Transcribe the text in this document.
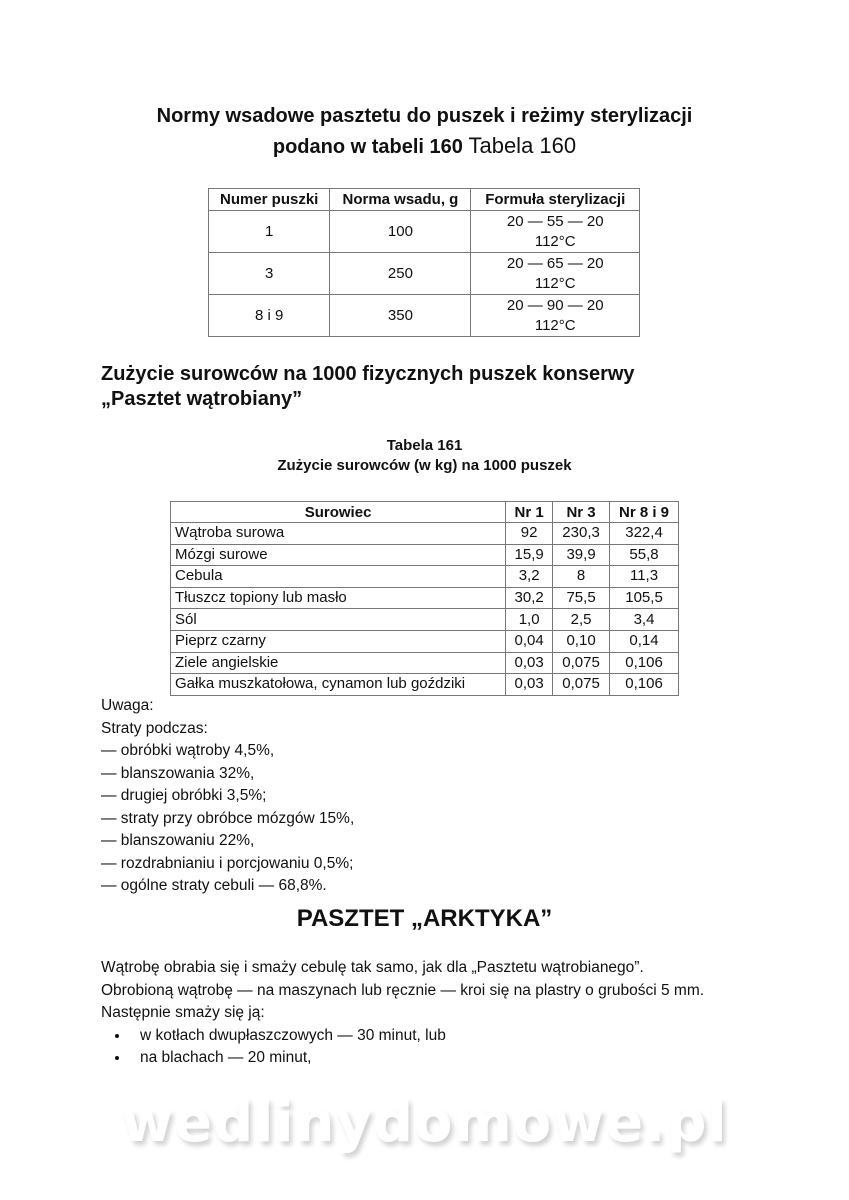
Normy wsadowe pasztetu do puszek i reżimy sterylizacji
podano w tabeli 160 Tabela 160
Numer puszki	Norma wsadu, g	Formuła sterylizacji
1	100	20 — 55 — 20
112°C

3	250	20 — 65 — 20
112°C

8 i 9	350	20 — 90 — 20
112°C
Zużycie surowców na 1000 fizycznych puszek konserwy
„Pasztet wątrobiany”
Tabela 161
Zużycie surowców (w kg) na 1000 puszek
Surowiec	Nr 1	Nr 3	Nr 8 i 9
Wątroba surowa	92	230,3	322,4
Mózgi surowe	15,9	39,9	55,8
Cebula	3,2	8	11,3
Tłuszcz topiony lub masło	30,2	75,5	105,5
Sól	1,0	2,5	3,4
Pieprz czarny	0,04	0,10	0,14
Ziele angielskie	0,03	0,075	0,106
Gałka muszkatołowa, cynamon lub goździki	0,03	0,075	0,106
Uwaga:
Straty podczas:
— obróbki wątroby 4,5%,
— blanszowania 32%,
— drugiej obróbki 3,5%;
— straty przy obróbce mózgów 15%,
— blanszowaniu 22%,
— rozdrabnianiu i porcjowaniu 0,5%;
— ogólne straty cebuli — 68,8%.
PASZTET „ARKTYKA”
Wątrobę obrabia się i smaży cebulę tak samo, jak dla „Pasztetu wątrobianego”.
Obrobioną wątrobę — na maszynach lub ręcznie — kroi się na plastry o grubości 5 mm.
Następnie smaży się ją:
• w kotłach dwupłaszczowych — 30 minut, lub
• na blachach — 20 minut,
wedlinydomowe.pl
